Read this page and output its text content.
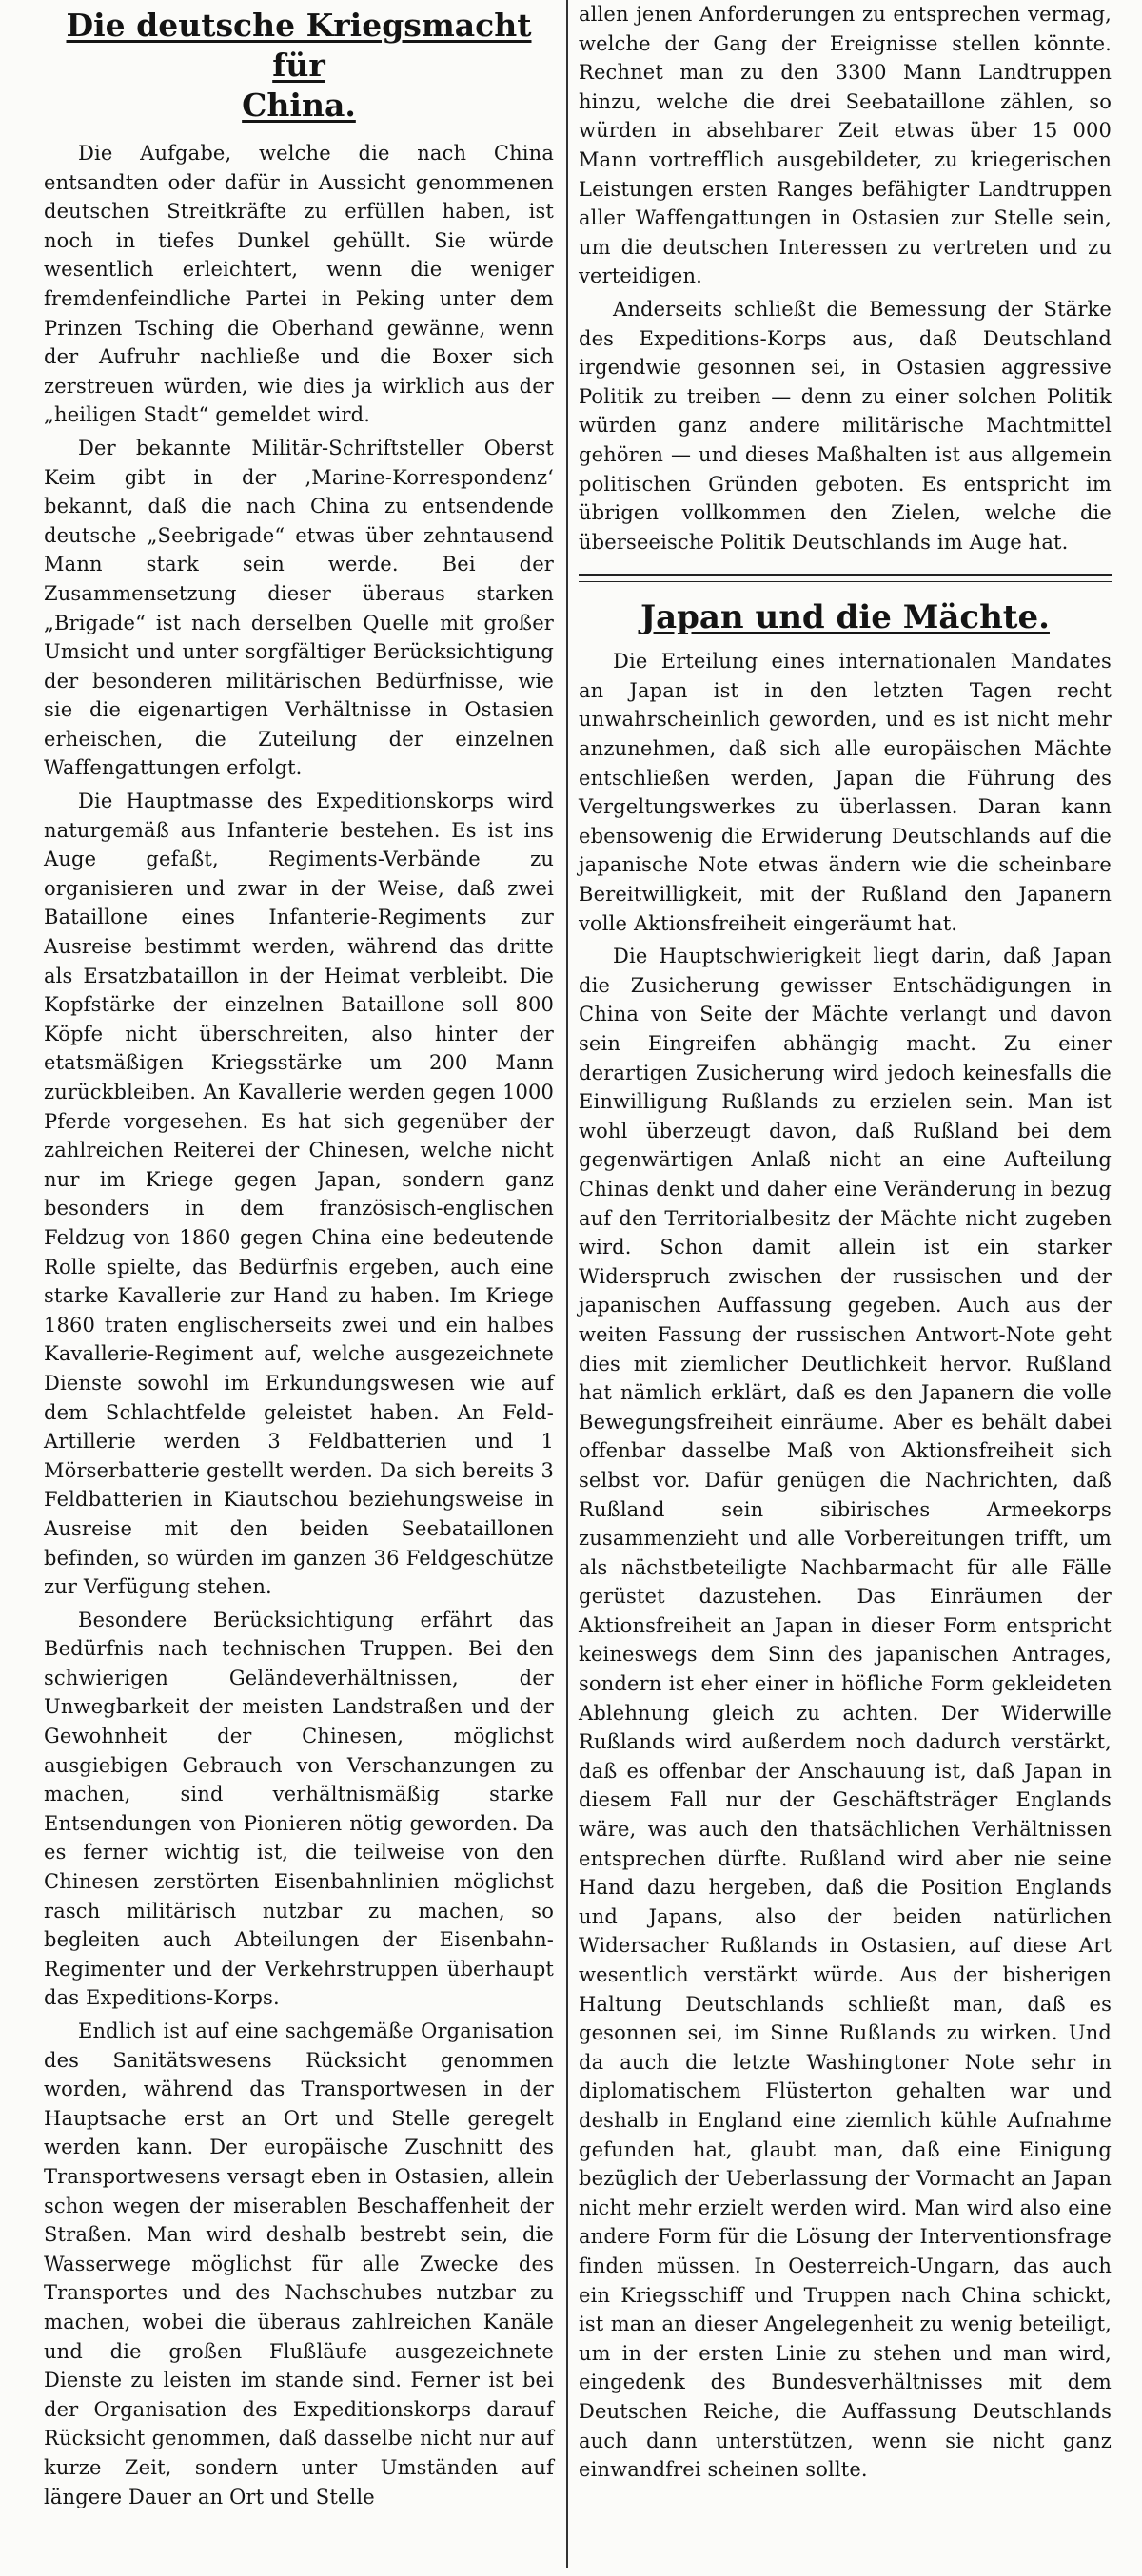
Die deutsche Kriegsmacht für
China.

Die Aufgabe, welche die nach China entsandten oder dafür in Aussicht genommenen deutschen Streitkräfte zu erfüllen haben, ist noch in tiefes Dunkel gehüllt. Sie würde wesentlich erleichtert, wenn die weniger fremdenfeindliche Partei in Peking unter dem Prinzen Tsching die Oberhand gewänne, wenn der Aufruhr nachließe und die Boxer sich zerstreuen würden, wie dies ja wirklich aus der „heiligen Stadt“ gemeldet wird.

Der bekannte Militär-Schriftsteller Oberst Keim gibt in der ‚Marine-Korrespondenz‘ bekannt, daß die nach China zu entsendende deutsche „Seebrigade“ etwas über zehntausend Mann stark sein werde. Bei der Zusammensetzung dieser überaus starken „Brigade“ ist nach derselben Quelle mit großer Umsicht und unter sorgfältiger Berücksichtigung der besonderen militärischen Bedürfnisse, wie sie die eigenartigen Verhältnisse in Ostasien erheischen, die Zuteilung der einzelnen Waffengattungen erfolgt.

Die Hauptmasse des Expeditionskorps wird naturgemäß aus Infanterie bestehen. Es ist ins Auge gefaßt, Regiments-Verbände zu organisieren und zwar in der Weise, daß zwei Bataillone eines Infanterie-Regiments zur Ausreise bestimmt werden, während das dritte als Ersatzbataillon in der Heimat verbleibt. Die Kopfstärke der einzelnen Bataillone soll 800 Köpfe nicht überschreiten, also hinter der etatsmäßigen Kriegsstärke um 200 Mann zurückbleiben. An Kavallerie werden gegen 1000 Pferde vorgesehen. Es hat sich gegenüber der zahlreichen Reiterei der Chinesen, welche nicht nur im Kriege gegen Japan, sondern ganz besonders in dem französisch-englischen Feldzug von 1860 gegen China eine bedeutende Rolle spielte, das Bedürfnis ergeben, auch eine starke Kavallerie zur Hand zu haben. Im Kriege 1860 traten englischerseits zwei und ein halbes Kavallerie-Regiment auf, welche ausgezeichnete Dienste sowohl im Erkundungswesen wie auf dem Schlachtfelde geleistet haben. An Feld-Artillerie werden 3 Feldbatterien und 1 Mörserbatterie gestellt werden. Da sich bereits 3 Feldbatterien in Kiautschou beziehungsweise in Ausreise mit den beiden Seebataillonen befinden, so würden im ganzen 36 Feldgeschütze zur Verfügung stehen.

Besondere Berücksichtigung erfährt das Bedürfnis nach technischen Truppen. Bei den schwierigen Geländeverhältnissen, der Unwegbarkeit der meisten Landstraßen und der Gewohnheit der Chinesen, möglichst ausgiebigen Gebrauch von Verschanzungen zu machen, sind verhältnismäßig starke Entsendungen von Pionieren nötig geworden. Da es ferner wichtig ist, die teilweise von den Chinesen zerstörten Eisenbahnlinien möglichst rasch militärisch nutzbar zu machen, so begleiten auch Abteilungen der Eisenbahn-Regimenter und der Verkehrstruppen überhaupt das Expeditions-Korps.

Endlich ist auf eine sachgemäße Organisation des Sanitätswesens Rücksicht genommen worden, während das Transportwesen in der Hauptsache erst an Ort und Stelle geregelt werden kann. Der europäische Zuschnitt des Transportwesens versagt eben in Ostasien, allein schon wegen der miserablen Beschaffenheit der Straßen. Man wird deshalb bestrebt sein, die Wasserwege möglichst für alle Zwecke des Transportes und des Nachschubes nutzbar zu machen, wobei die überaus zahlreichen Kanäle und die großen Flußläufe ausgezeichnete Dienste zu leisten im stande sind. Ferner ist bei der Organisation des Expeditionskorps darauf Rücksicht genommen, daß dasselbe nicht nur auf kurze Zeit, sondern unter Umständen auf längere Dauer an Ort und Stelle

allen jenen Anforderungen zu entsprechen vermag, welche der Gang der Ereignisse stellen könnte. Rechnet man zu den 3300 Mann Landtruppen hinzu, welche die drei Seebataillone zählen, so würden in absehbarer Zeit etwas über 15 000 Mann vortrefflich ausgebildeter, zu kriegerischen Leistungen ersten Ranges befähigter Landtruppen aller Waffengattungen in Ostasien zur Stelle sein, um die deutschen Interessen zu vertreten und zu verteidigen.

Anderseits schließt die Bemessung der Stärke des Expeditions-Korps aus, daß Deutschland irgendwie gesonnen sei, in Ostasien aggressive Politik zu treiben — denn zu einer solchen Politik würden ganz andere militärische Machtmittel gehören — und dieses Maßhalten ist aus allgemein politischen Gründen geboten. Es entspricht im übrigen vollkommen den Zielen, welche die überseeische Politik Deutschlands im Auge hat.

Japan und die Mächte.

Die Erteilung eines internationalen Mandates an Japan ist in den letzten Tagen recht unwahrscheinlich geworden, und es ist nicht mehr anzunehmen, daß sich alle europäischen Mächte entschließen werden, Japan die Führung des Vergeltungswerkes zu überlassen. Daran kann ebensowenig die Erwiderung Deutschlands auf die japanische Note etwas ändern wie die scheinbare Bereitwilligkeit, mit der Rußland den Japanern volle Aktionsfreiheit eingeräumt hat.

Die Hauptschwierigkeit liegt darin, daß Japan die Zusicherung gewisser Entschädigungen in China von Seite der Mächte verlangt und davon sein Eingreifen abhängig macht. Zu einer derartigen Zusicherung wird jedoch keinesfalls die Einwilligung Rußlands zu erzielen sein. Man ist wohl überzeugt davon, daß Rußland bei dem gegenwärtigen Anlaß nicht an eine Aufteilung Chinas denkt und daher eine Veränderung in bezug auf den Territorialbesitz der Mächte nicht zugeben wird. Schon damit allein ist ein starker Widerspruch zwischen der russischen und der japanischen Auffassung gegeben. Auch aus der weiten Fassung der russischen Antwort-Note geht dies mit ziemlicher Deutlichkeit hervor. Rußland hat nämlich erklärt, daß es den Japanern die volle Bewegungsfreiheit einräume. Aber es behält dabei offenbar dasselbe Maß von Aktionsfreiheit sich selbst vor. Dafür genügen die Nachrichten, daß Rußland sein sibirisches Armeekorps zusammenzieht und alle Vorbereitungen trifft, um als nächstbeteiligte Nachbarmacht für alle Fälle gerüstet dazustehen. Das Einräumen der Aktionsfreiheit an Japan in dieser Form entspricht keineswegs dem Sinn des japanischen Antrages, sondern ist eher einer in höfliche Form gekleideten Ablehnung gleich zu achten. Der Widerwille Rußlands wird außerdem noch dadurch verstärkt, daß es offenbar der Anschauung ist, daß Japan in diesem Fall nur der Geschäftsträger Englands wäre, was auch den thatsächlichen Verhältnissen entsprechen dürfte. Rußland wird aber nie seine Hand dazu hergeben, daß die Position Englands und Japans, also der beiden natürlichen Widersacher Rußlands in Ostasien, auf diese Art wesentlich verstärkt würde. Aus der bisherigen Haltung Deutschlands schließt man, daß es gesonnen sei, im Sinne Rußlands zu wirken. Und da auch die letzte Washingtoner Note sehr in diplomatischem Flüsterton gehalten war und deshalb in England eine ziemlich kühle Aufnahme gefunden hat, glaubt man, daß eine Einigung bezüglich der Ueberlassung der Vormacht an Japan nicht mehr erzielt werden wird. Man wird also eine andere Form für die Lösung der Interventionsfrage finden müssen. In Oesterreich-Ungarn, das auch ein Kriegsschiff und Truppen nach China schickt, ist man an dieser Angelegenheit zu wenig beteiligt, um in der ersten Linie zu stehen und man wird, eingedenk des Bundesverhältnisses mit dem Deutschen Reiche, die Auffassung Deutschlands auch dann unterstützen, wenn sie nicht ganz einwandfrei scheinen sollte.
